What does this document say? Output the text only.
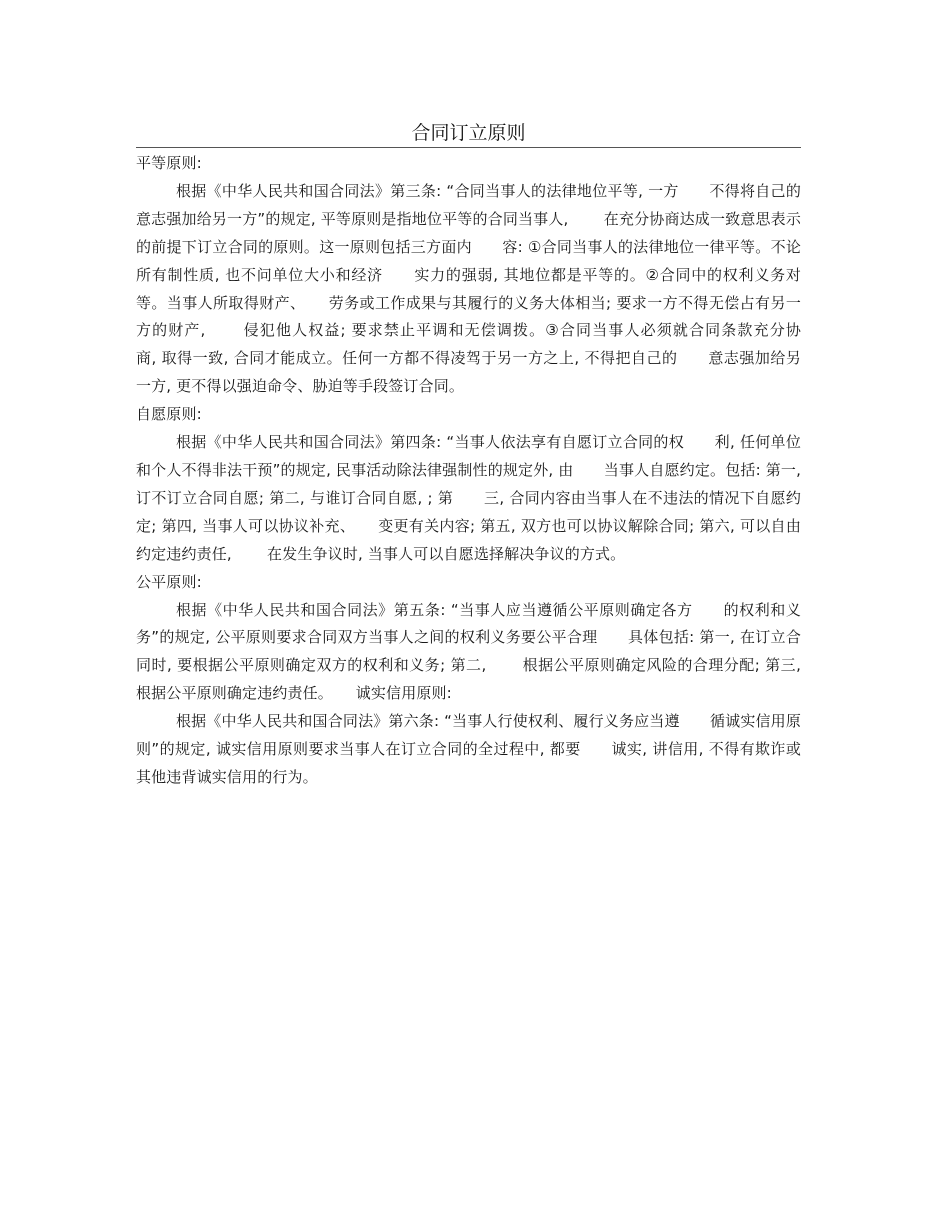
合同订立原则

平等原则:

根据《中华人民共和国合同法》第三条: “合同当事人的法律地位平等, 一方　　不得将自己的意志强加给另一方”的规定, 平等原则是指地位平等的合同当事人, 　　在充分协商达成一致意思表示的前提下订立合同的原则。这一原则包括三方面内　　容: ①合同当事人的法律地位一律平等。不论所有制性质, 也不问单位大小和经济　　实力的强弱, 其地位都是平等的。②合同中的权利义务对等。当事人所取得财产、　　劳务或工作成果与其履行的义务大体相当; 要求一方不得无偿占有另一方的财产, 　　侵犯他人权益; 要求禁止平调和无偿调拨。③合同当事人必须就合同条款充分协　　商, 取得一致, 合同才能成立。任何一方都不得凌驾于另一方之上, 不得把自己的　　意志强加给另一方, 更不得以强迫命令、胁迫等手段签订合同。

自愿原则:

根据《中华人民共和国合同法》第四条: “当事人依法享有自愿订立合同的权　　利, 任何单位和个人不得非法干预”的规定, 民事活动除法律强制性的规定外, 由　　当事人自愿约定。包括: 第一, 订不订立合同自愿; 第二, 与谁订合同自愿, ; 第　　三, 合同内容由当事人在不违法的情况下自愿约定; 第四, 当事人可以协议补充、　　变更有关内容; 第五, 双方也可以协议解除合同; 第六, 可以自由约定违约责任, 　　在发生争议时, 当事人可以自愿选择解决争议的方式。

公平原则:

根据《中华人民共和国合同法》第五条: “当事人应当遵循公平原则确定各方　　的权利和义务”的规定, 公平原则要求合同双方当事人之间的权利义务要公平合理　　具体包括: 第一, 在订立合同时, 要根据公平原则确定双方的权利和义务; 第二, 　　根据公平原则确定风险的合理分配; 第三, 根据公平原则确定违约责任。　　诚实信用原则:

根据《中华人民共和国合同法》第六条: “当事人行使权利、履行义务应当遵　　循诚实信用原则”的规定, 诚实信用原则要求当事人在订立合同的全过程中, 都要　　诚实, 讲信用, 不得有欺诈或其他违背诚实信用的行为。
